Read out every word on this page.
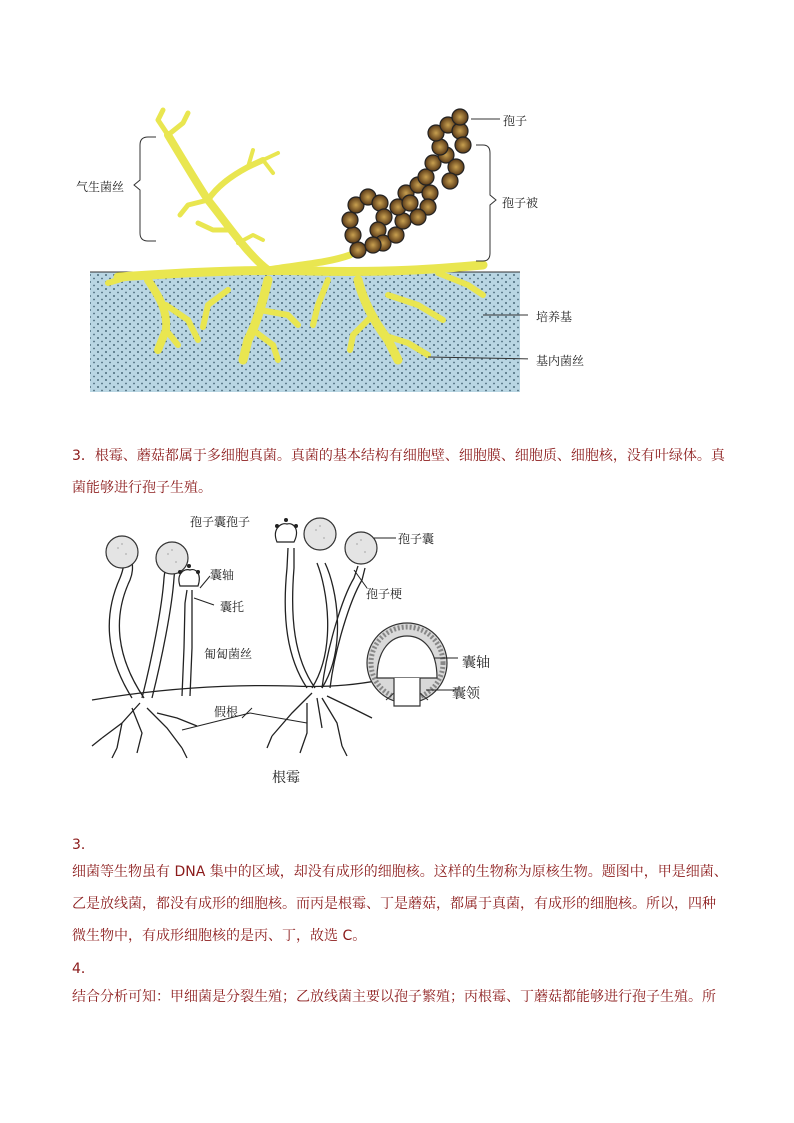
气生菌丝
孢子
孢子被
培养基
基内菌丝

3．根霉、蘑菇都属于多细胞真菌。真菌的基本结构有细胞壁、细胞膜、细胞质、细胞核，没有叶绿体。真菌能够进行孢子生殖。

孢子囊孢子
孢子囊
囊轴
囊托
孢子梗
匍匐菌丝
囊轴
囊领
假根
根霉
3．

细菌等生物虽有 DNA 集中的区域，却没有成形的细胞核。这样的生物称为原核生物。题图中，甲是细菌、

乙是放线菌，都没有成形的细胞核。而丙是根霉、丁是蘑菇，都属于真菌，有成形的细胞核。所以，四种

微生物中，有成形细胞核的是丙、丁，故选 C。

4．

结合分析可知：甲细菌是分裂生殖；乙放线菌主要以孢子繁殖；丙根霉、丁蘑菇都能够进行孢子生殖。所
